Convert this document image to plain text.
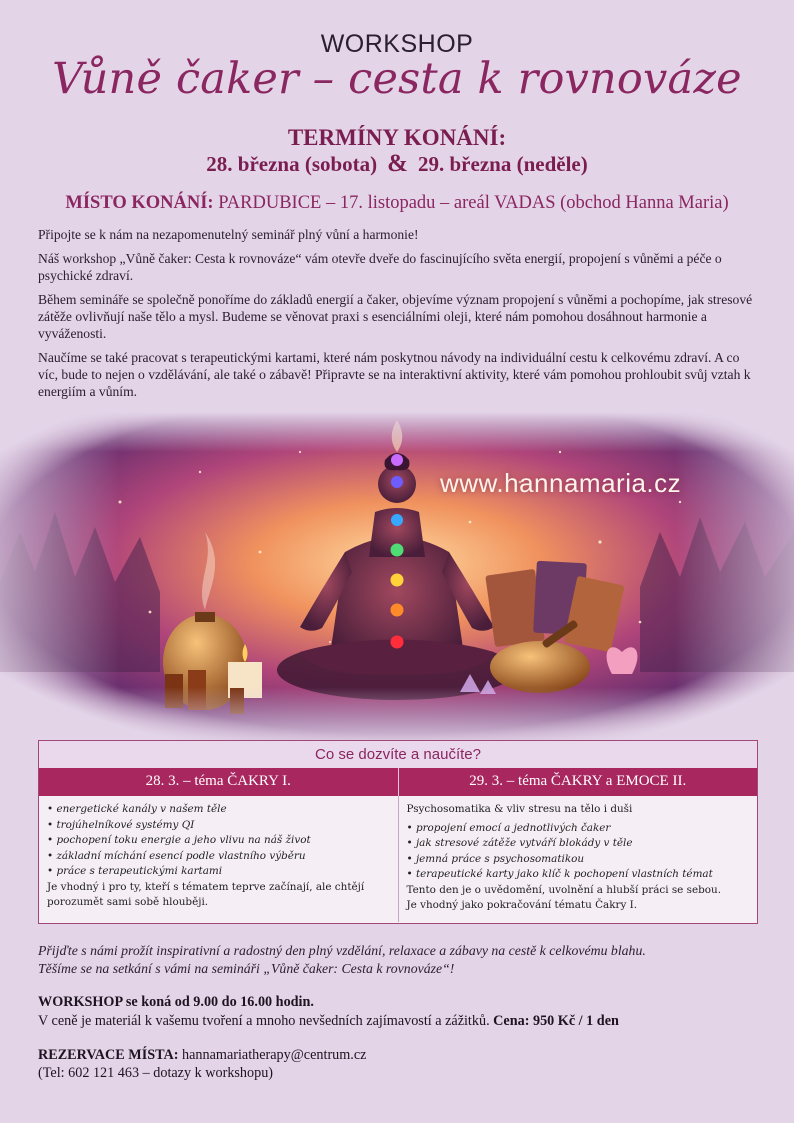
WORKSHOP
Vůně čaker – cesta k rovnováze
TERMÍNY KONÁNÍ:
28. března (sobota) & 29. března (neděle)
MÍSTO KONÁNÍ: PARDUBICE – 17. listopadu – areál VADAS (obchod Hanna Maria)

Připojte se k nám na nezapomenutelný seminář plný vůní a harmonie!

Náš workshop „Vůně čaker: Cesta k rovnováze“ vám otevře dveře do fascinujícího světa energií, propojení s vůněmi a péče o psychické zdraví.

Během semináře se společně ponoříme do základů energií a čaker, objevíme význam propojení s vůněmi a pochopíme, jak stresové zátěže ovlivňují naše tělo a mysl. Budeme se věnovat praxi s esenciálními oleji, které nám pomohou dosáhnout harmonie a vyváženosti.

Naučíme se také pracovat s terapeutickými kartami, které nám poskytnou návody na individuální cestu k celkovému zdraví. A co víc, bude to nejen o vzdělávání, ale také o zábavě! Připravte se na interaktivní aktivity, které vám pomohou prohloubit svůj vztah k energiím a vůním.

www.hannamaria.cz
Co se dozvíte a naučíte?
28. 3. – téma ČAKRY I.	29. 3. – téma ČAKRY a EMOCE II.
• energetické kanály v našem těle
• trojúhelníkové systémy QI
• pochopení toku energie a jeho vlivu na náš život
• základní míchání esencí podle vlastního výběru
• práce s terapeutickými kartami

Je vhodný i pro ty, kteří s tématem teprve začínají, ale chtějí porozumět sami sobě hlouběji.

Psychosomatika & vliv stresu na tělo i duši

• propojení emocí a jednotlivých čaker
• jak stresové zátěže vytváří blokády v těle
• jemná práce s psychosomatikou
• terapeutické karty jako klíč k pochopení vlastních témat

Tento den je o uvědomění, uvolnění a hlubší práci se sebou.

Je vhodný jako pokračování tématu Čakry I.

Přijďte s námi prožít inspirativní a radostný den plný vzdělání, relaxace a zábavy na cestě k celkovému blahu.
Těšíme se na setkání s vámi na semináři „Vůně čaker: Cesta k rovnováze“!
WORKSHOP se koná od 9.00 do 16.00 hodin.
V ceně je materiál k vašemu tvoření a mnoho nevšedních zajímavostí a zážitků. Cena: 950 Kč / 1 den
REZERVACE MÍSTA: hannamariatherapy@centrum.cz
(Tel: 602 121 463 – dotazy k workshopu)
